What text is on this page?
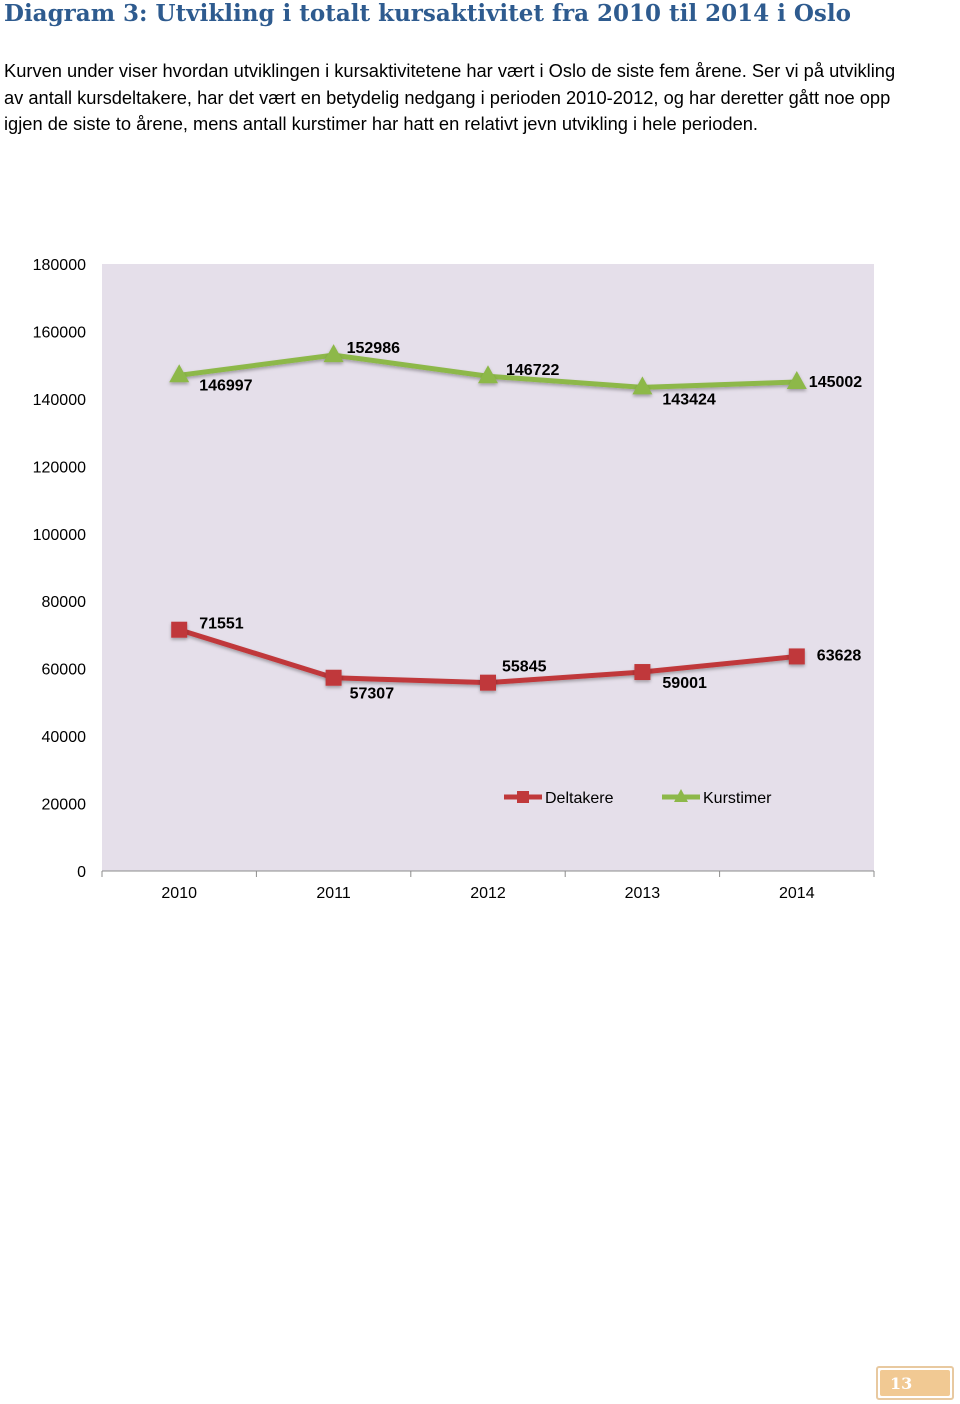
Diagram 3: Utvikling i totalt kursaktivitet fra 2010 til 2014 i Oslo

Kurven under viser hvordan utviklingen i kursaktivitetene har vært i Oslo de siste fem årene. Ser vi på utvikling av antall kursdeltakere, har det vært en betydelig nedgang i perioden 2010-2012, og har deretter gått noe opp igjen de siste to årene, mens antall kurstimer har hatt en relativt jevn utvikling i hele perioden.

2010	2011	2012	2013	2014
0
20000
40000
60000
80000
100000
120000
140000
160000
180000
71551
57307
55845
59001
63628
146997
152986
146722
143424
145002
Deltakere	Kurstimer
13
